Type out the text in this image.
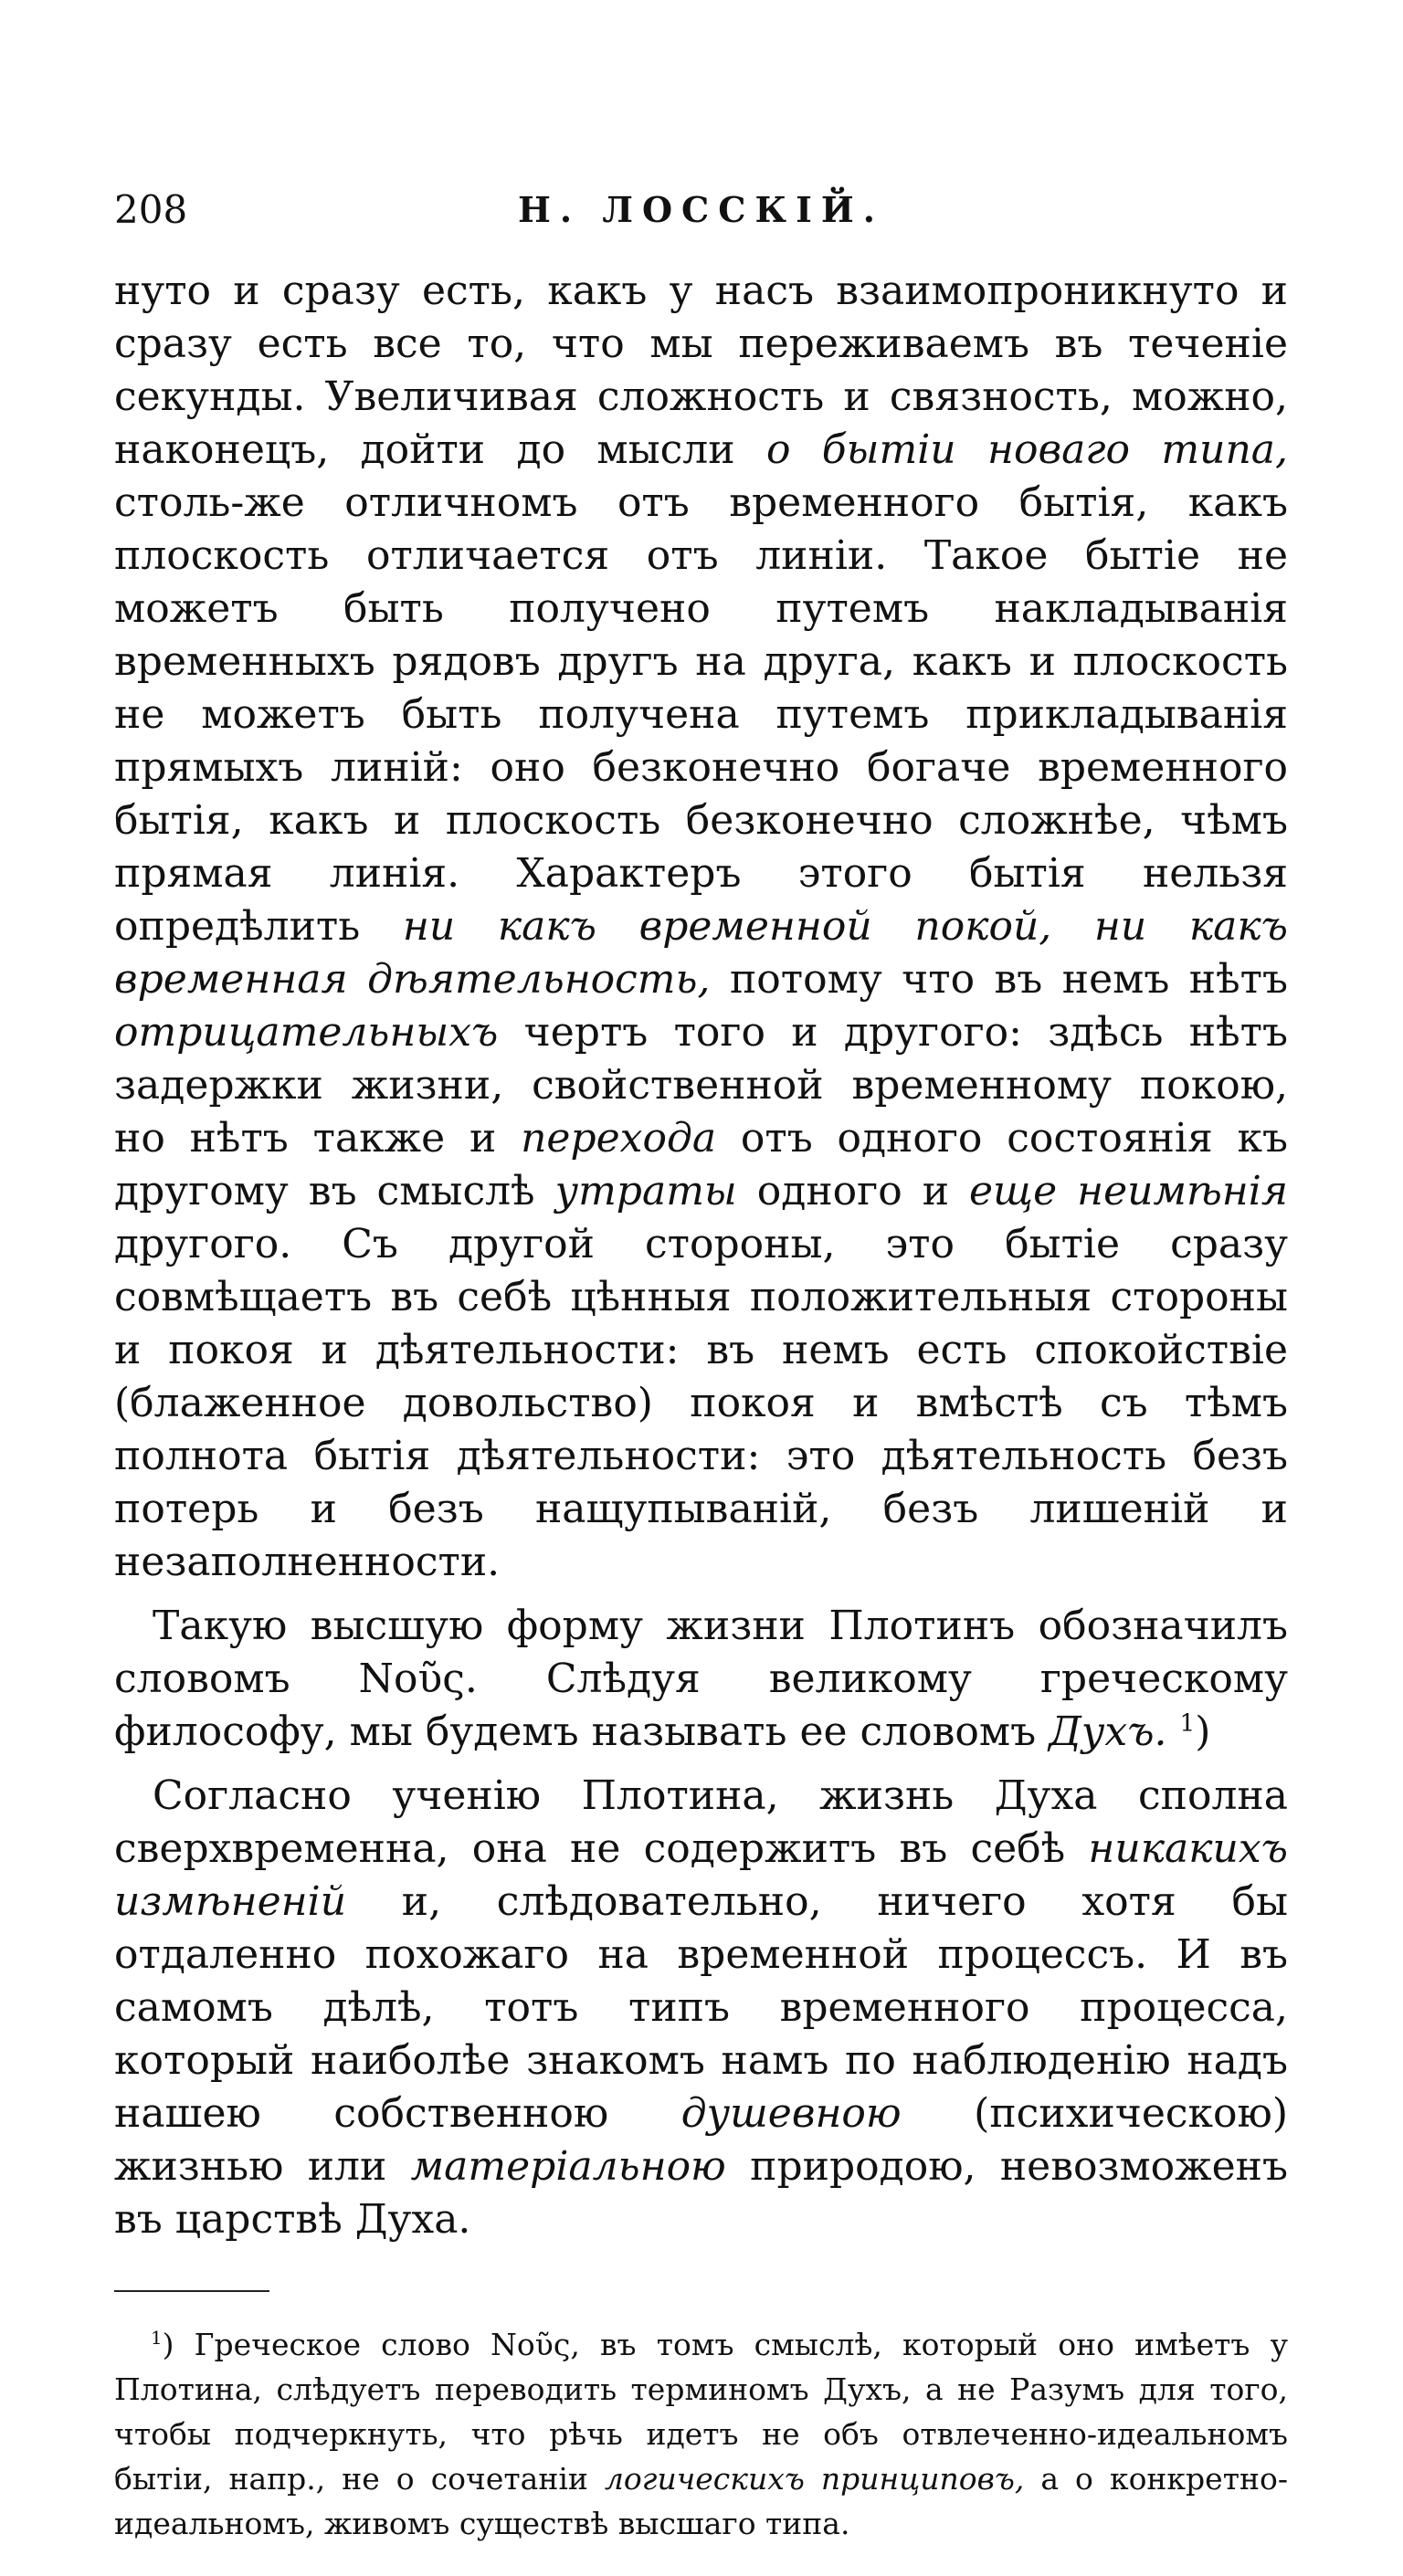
208	Н. ЛОССКІЙ.

нуто и сразу есть, какъ у насъ взаимопроникнуто и сразу есть все то, что мы переживаемъ въ теченіе секунды. Увеличивая сложность и связность, можно, наконецъ, дойти до мысли о бытіи новаго типа, столь-же отличномъ отъ временного бытія, какъ плоскость отличается отъ линіи. Такое бытіе не можетъ быть получено путемъ накладыванія временныхъ рядовъ другъ на друга, какъ и плоскость не можетъ быть получена путемъ прикладыванія прямыхъ линій: оно безконечно богаче временного бытія, какъ и плоскость безконечно сложнѣе, чѣмъ прямая линія. Характеръ этого бытія нельзя опредѣлить ни какъ временной покой, ни какъ временная дѣятельность, потому что въ немъ нѣтъ отрицательныхъ чертъ того и другого: здѣсь нѣтъ задержки жизни, свойственной временному покою, но нѣтъ также и перехода отъ одного состоянія къ другому въ смыслѣ утраты одного и еще неимѣнія другого. Съ другой стороны, это бытіе сразу совмѣщаетъ въ себѣ цѣнныя положительныя стороны и покоя и дѣятельности: въ немъ есть спокойствіе (блаженное довольство) покоя и вмѣстѣ съ тѣмъ полнота бытія дѣятельности: это дѣятельность безъ потерь и безъ нащупываній, безъ лишеній и незаполненности.

Такую высшую форму жизни Плотинъ обозначилъ словомъ Νοῦς. Слѣдуя великому греческому философу, мы будемъ называть ее словомъ Духъ. $^1$)

Согласно ученію Плотина, жизнь Духа сполна сверхвременна, она не содержитъ въ себѣ никакихъ измѣненій и, слѣдовательно, ничего хотя бы отдаленно похожаго на временной процессъ. И въ самомъ дѣлѣ, тотъ типъ временного процесса, который наиболѣе знакомъ намъ по наблюденію надъ нашею собственною душевною (психическою) жизнью или матеріальною природою, невозможенъ въ царствѣ Духа.

$^1$) Греческое слово Νοῦς, въ томъ смыслѣ, который оно имѣетъ у Плотина, слѣдуетъ переводить терминомъ Духъ, а не Разумъ для того, чтобы подчеркнуть, что рѣчь идетъ не объ отвлеченно-идеальномъ бытіи, напр., не о сочетаніи логическихъ принциповъ, а о конкретно-идеальномъ, живомъ существѣ высшаго типа.
